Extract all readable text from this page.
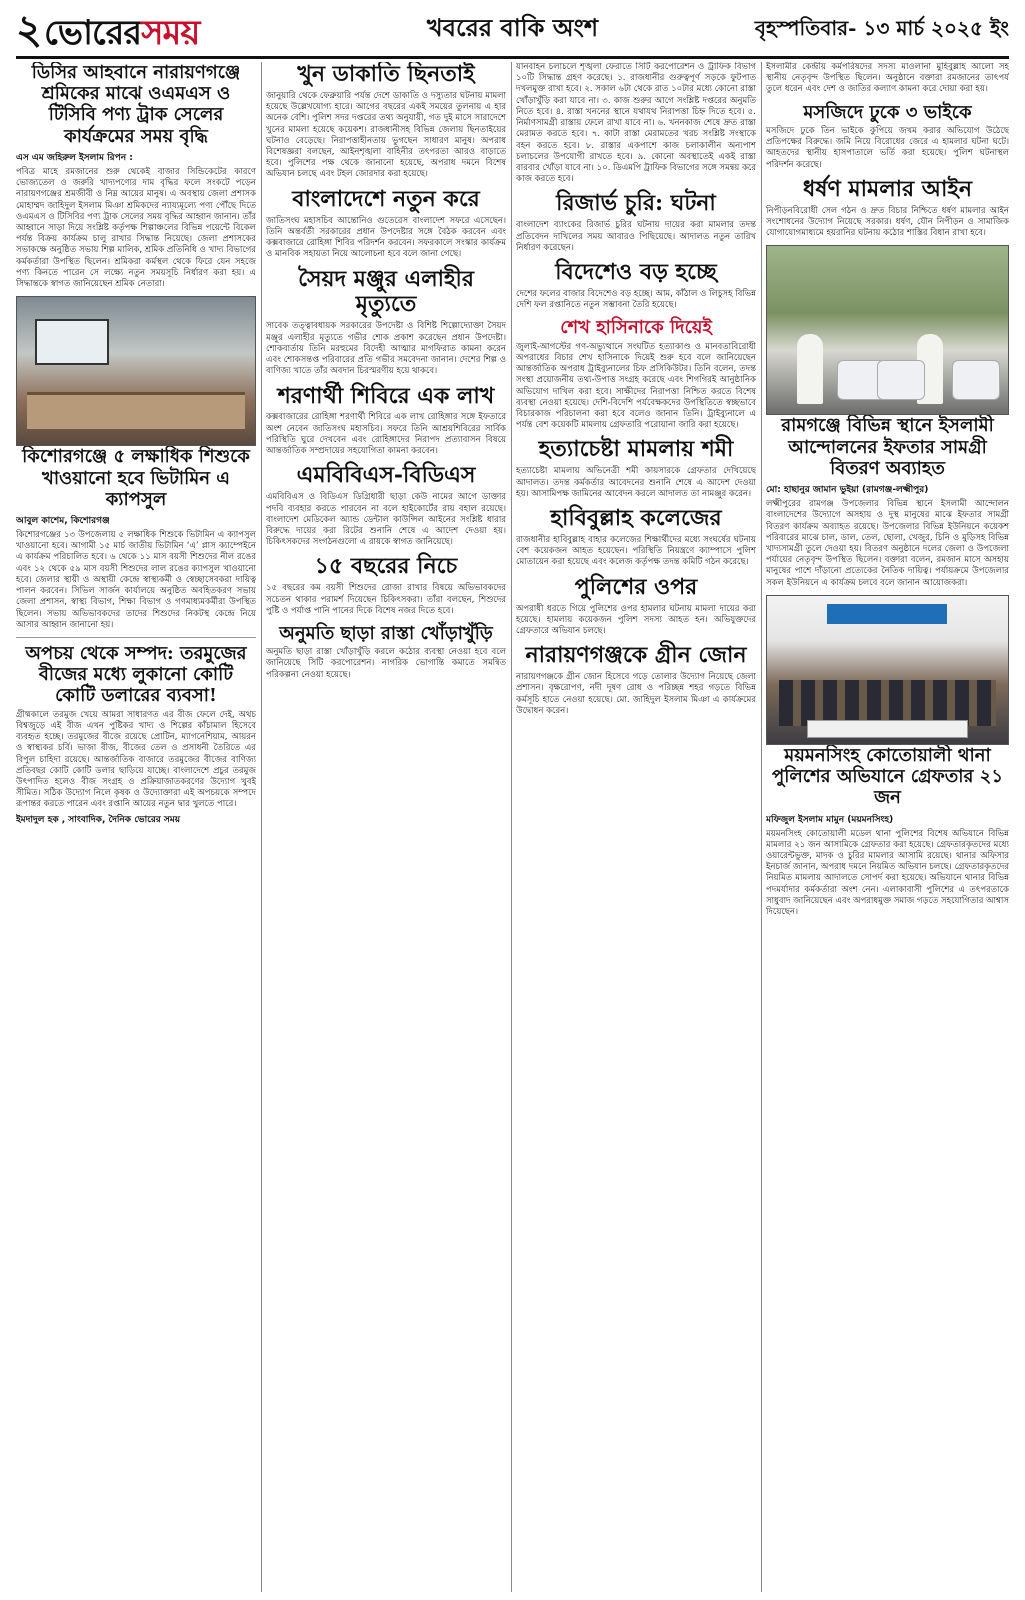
২ ভোরেরসময়	খবরের বাকি অংশ	বৃহস্পতিবার- ১৩ মার্চ ২০২৫ ইং
ডিসির আহবানে নারায়ণগঞ্জে শ্রমিকের মাঝে ওএমএস ও টিসিবি পণ্য ট্রাক সেলের কার্যক্রমের সময় বৃদ্ধি
এস এম জহিরুল ইসলাম রিপন :

পবিত্র মাহে রমজানের শুরু থেকেই বাজার সিন্ডিকেটের কারণে ভোজ্যতেল ও জরুরি খাদ্যপণ্যের দাম বৃদ্ধির ফলে সংকটে পড়েন নারায়ণগঞ্জের শ্রমজীবী ও নিম্ন আয়ের মানুষ। এ অবস্থায় জেলা প্রশাসক মোহাম্মদ জাহিদুল ইসলাম মিঞা শ্রমিকদের ন্যায্যমূল্যে পণ্য পৌঁছে দিতে ওএমএস ও টিসিবির পণ্য ট্রাক সেলের সময় বৃদ্ধির আহ্বান জানান। তাঁর আহ্বানে সাড়া দিয়ে সংশ্লিষ্ট কর্তৃপক্ষ শিল্পাঞ্চলের বিভিন্ন পয়েন্টে বিকেল পর্যন্ত বিক্রয় কার্যক্রম চালু রাখার সিদ্ধান্ত নিয়েছে। জেলা প্রশাসকের সভাকক্ষে অনুষ্ঠিত সভায় শিল্প মালিক, শ্রমিক প্রতিনিধি ও খাদ্য বিভাগের কর্মকর্তারা উপস্থিত ছিলেন। শ্রমিকরা কর্মস্থল থেকে ফিরে যেন সহজে পণ্য কিনতে পারেন সে লক্ষ্যে নতুন সময়সূচি নির্ধারণ করা হয়। এ সিদ্ধান্তকে স্বাগত জানিয়েছেন শ্রমিক নেতারা।

কিশোরগঞ্জে ৫ লক্ষাধিক শিশুকে খাওয়ানো হবে ভিটামিন এ ক্যাপসুল
আবুল কাশেম, কিশোরগঞ্জ

কিশোরগঞ্জের ১৩ উপজেলায় ৫ লক্ষাধিক শিশুকে ভিটামিন এ ক্যাপসুল খাওয়ানো হবে। আগামী ১৫ মার্চ জাতীয় ভিটামিন ‘এ’ প্লাস ক্যাম্পেইনে এ কার্যক্রম পরিচালিত হবে। ৬ থেকে ১১ মাস বয়সী শিশুদের নীল রঙের এবং ১২ থেকে ৫৯ মাস বয়সী শিশুদের লাল রঙের ক্যাপসুল খাওয়ানো হবে। জেলার স্থায়ী ও অস্থায়ী কেন্দ্রে স্বাস্থ্যকর্মী ও স্বেচ্ছাসেবকরা দায়িত্ব পালন করবেন। সিভিল সার্জন কার্যালয়ে অনুষ্ঠিত অবহিতকরণ সভায় জেলা প্রশাসন, স্বাস্থ্য বিভাগ, শিক্ষা বিভাগ ও গণমাধ্যমকর্মীরা উপস্থিত ছিলেন। সভায় অভিভাবকদের তাদের শিশুদের নিকটস্থ কেন্দ্রে নিয়ে আসার আহ্বান জানানো হয়।

অপচয় থেকে সম্পদ: তরমুজের বীজের মধ্যে লুকানো কোটি কোটি ডলারের ব্যবসা!

গ্রীষ্মকালে তরমুজ খেয়ে আমরা সাধারণত এর বীজ ফেলে দেই, অথচ বিশ্বজুড়ে এই বীজ এখন পুষ্টিকর খাদ্য ও শিল্পের কাঁচামাল হিসেবে ব্যবহৃত হচ্ছে। তরমুজের বীজে রয়েছে প্রোটিন, ম্যাগনেশিয়াম, আয়রন ও স্বাস্থ্যকর চর্বি। ভাজা বীজ, বীজের তেল ও প্রসাধনী তৈরিতে এর বিপুল চাহিদা রয়েছে। আন্তর্জাতিক বাজারে তরমুজের বীজের বাণিজ্য প্রতিবছর কোটি কোটি ডলার ছাড়িয়ে যাচ্ছে। বাংলাদেশে প্রচুর তরমুজ উৎপাদিত হলেও বীজ সংগ্রহ ও প্রক্রিয়াজাতকরণের উদ্যোগ খুবই সীমিত। সঠিক উদ্যোগ নিলে কৃষক ও উদ্যোক্তারা এই অপচয়কে সম্পদে রূপান্তর করতে পারেন এবং রপ্তানি আয়ের নতুন দ্বার খুলতে পারে।

ইমদাদুল হক , সাংবাদিক, দৈনিক ভোরের সময়
খুন ডাকাতি ছিনতাই

জানুয়ারি থেকে ফেব্রুয়ারি পর্যন্ত দেশে ডাকাতি ও দস্যুতার ঘটনায় মামলা হয়েছে উল্লেখযোগ্য হারে। আগের বছরের একই সময়ের তুলনায় এ হার অনেক বেশি। পুলিশ সদর দপ্তরের তথ্য অনুযায়ী, গত দুই মাসে সারাদেশে খুনের মামলা হয়েছে কয়েকশ। রাজধানীসহ বিভিন্ন জেলায় ছিনতাইয়ের ঘটনাও বেড়েছে। নিরাপত্তাহীনতায় ভুগছেন সাধারণ মানুষ। অপরাধ বিশেষজ্ঞরা বলছেন, আইনশৃঙ্খলা বাহিনীর তৎপরতা আরও বাড়াতে হবে। পুলিশের পক্ষ থেকে জানানো হয়েছে, অপরাধ দমনে বিশেষ অভিযান চলছে এবং টহল জোরদার করা হয়েছে।

বাংলাদেশে নতুন করে

জাতিসংঘ মহাসচিব আন্তোনিও গুতেরেস বাংলাদেশ সফরে এসেছেন। তিনি অন্তর্বর্তী সরকারের প্রধান উপদেষ্টার সঙ্গে বৈঠক করবেন এবং কক্সবাজারে রোহিঙ্গা শিবির পরিদর্শন করবেন। সফরকালে সংস্কার কার্যক্রম ও মানবিক সহায়তা নিয়ে আলোচনা হবে বলে জানা গেছে।

সৈয়দ মঞ্জুর এলাহীর মৃত্যুতে

সাবেক তত্ত্বাবধায়ক সরকারের উপদেষ্টা ও বিশিষ্ট শিল্পোদ্যোক্তা সৈয়দ মঞ্জুর এলাহীর মৃত্যুতে গভীর শোক প্রকাশ করেছেন প্রধান উপদেষ্টা। শোকবার্তায় তিনি মরহুমের বিদেহী আত্মার মাগফিরাত কামনা করেন এবং শোকসন্তপ্ত পরিবারের প্রতি গভীর সমবেদনা জানান। দেশের শিল্প ও বাণিজ্য খাতে তাঁর অবদান চিরস্মরণীয় হয়ে থাকবে।

শরণার্থী শিবিরে এক লাখ

কক্সবাজারের রোহিঙ্গা শরণার্থী শিবিরে এক লাখ রোহিঙ্গার সঙ্গে ইফতারে অংশ নেবেন জাতিসংঘ মহাসচিব। সফরে তিনি আশ্রয়শিবিরের সার্বিক পরিস্থিতি ঘুরে দেখবেন এবং রোহিঙ্গাদের নিরাপদ প্রত্যাবাসন বিষয়ে আন্তর্জাতিক সম্প্রদায়ের সহযোগিতা কামনা করবেন।

এমবিবিএস-বিডিএস

এমবিবিএস ও বিডিএস ডিগ্রিধারী ছাড়া কেউ নামের আগে ডাক্তার পদবি ব্যবহার করতে পারবেন না বলে হাইকোর্টের রায় বহাল রয়েছে। বাংলাদেশ মেডিকেল অ্যান্ড ডেন্টাল কাউন্সিল আইনের সংশ্লিষ্ট ধারার বিরুদ্ধে দায়ের করা রিটের শুনানি শেষে এ আদেশ দেওয়া হয়। চিকিৎসকদের সংগঠনগুলো এ রায়কে স্বাগত জানিয়েছে।

১৫ বছরের নিচে

১৫ বছরের কম বয়সী শিশুদের রোজা রাখার বিষয়ে অভিভাবকদের সচেতন থাকার পরামর্শ দিয়েছেন চিকিৎসকরা। তাঁরা বলছেন, শিশুদের পুষ্টি ও পর্যাপ্ত পানি পানের দিকে বিশেষ নজর দিতে হবে।

অনুমতি ছাড়া রাস্তা খোঁড়াখুঁড়ি

অনুমতি ছাড়া রাস্তা খোঁড়াখুঁড়ি করলে কঠোর ব্যবস্থা নেওয়া হবে বলে জানিয়েছে সিটি করপোরেশন। নাগরিক ভোগান্তি কমাতে সমন্বিত পরিকল্পনা নেওয়া হয়েছে।

যানবাহন চলাচলে শৃঙ্খলা ফেরাতে সিটি করপোরেশন ও ট্রাফিক বিভাগ ১০টি সিদ্ধান্ত গ্রহণ করেছে। ১. রাজধানীর গুরুত্বপূর্ণ সড়কে ফুটপাত দখলমুক্ত রাখা হবে। ২. সকাল ৬টা থেকে রাত ১০টার মধ্যে কোনো রাস্তা খোঁড়াখুঁড়ি করা যাবে না। ৩. কাজ শুরুর আগে সংশ্লিষ্ট দপ্তরের অনুমতি নিতে হবে। ৪. রাস্তা খননের স্থানে যথাযথ নিরাপত্তা চিহ্ন দিতে হবে। ৫. নির্মাণসামগ্রী রাস্তায় ফেলে রাখা যাবে না। ৬. খননকাজ শেষে দ্রুত রাস্তা মেরামত করতে হবে। ৭. কাটা রাস্তা মেরামতের খরচ সংশ্লিষ্ট সংস্থাকে বহন করতে হবে। ৮. রাস্তার একপাশে কাজ চলাকালীন অন্যপাশ চলাচলের উপযোগী রাখতে হবে। ৯. কোনো অবস্থাতেই একই রাস্তা বারবার খোঁড়া যাবে না। ১০. ডিএমপি ট্রাফিক বিভাগের সঙ্গে সমন্বয় করে কাজ করতে হবে।

রিজার্ভ চুরি: ঘটনা

বাংলাদেশ ব্যাংকের রিজার্ভ চুরির ঘটনায় দায়ের করা মামলার তদন্ত প্রতিবেদন দাখিলের সময় আবারও পিছিয়েছে। আদালত নতুন তারিখ নির্ধারণ করেছেন।

বিদেশেও বড় হচ্ছে

দেশের ফলের বাজার বিদেশেও বড় হচ্ছে। আম, কাঁঠাল ও লিচুসহ বিভিন্ন দেশি ফল রপ্তানিতে নতুন সম্ভাবনা তৈরি হয়েছে।

শেখ হাসিনাকে দিয়েই

জুলাই-আগস্টের গণ-অভ্যুত্থানে সংঘটিত হত্যাকাণ্ড ও মানবতাবিরোধী অপরাধের বিচার শেখ হাসিনাকে দিয়েই শুরু হবে বলে জানিয়েছেন আন্তর্জাতিক অপরাধ ট্রাইব্যুনালের চিফ প্রসিকিউটর। তিনি বলেন, তদন্ত সংস্থা প্রয়োজনীয় তথ্য-উপাত্ত সংগ্রহ করেছে এবং শিগগিরই আনুষ্ঠানিক অভিযোগ দাখিল করা হবে। সাক্ষীদের নিরাপত্তা নিশ্চিত করতে বিশেষ ব্যবস্থা নেওয়া হয়েছে। দেশি-বিদেশি পর্যবেক্ষকদের উপস্থিতিতে স্বচ্ছভাবে বিচারকাজ পরিচালনা করা হবে বলেও জানান তিনি। ট্রাইব্যুনালে এ পর্যন্ত বেশ কয়েকটি মামলায় গ্রেফতারি পরোয়ানা জারি করা হয়েছে।

হত্যাচেষ্টা মামলায় শমী

হত্যাচেষ্টা মামলায় অভিনেত্রী শমী কায়সারকে গ্রেফতার দেখিয়েছে আদালত। তদন্ত কর্মকর্তার আবেদনের শুনানি শেষে এ আদেশ দেওয়া হয়। আসামিপক্ষ জামিনের আবেদন করলে আদালত তা নামঞ্জুর করেন।

হাবিবুল্লাহ কলেজের

রাজধানীর হাবিবুল্লাহ বাহার কলেজের শিক্ষার্থীদের মধ্যে সংঘর্ষের ঘটনায় বেশ কয়েকজন আহত হয়েছেন। পরিস্থিতি নিয়ন্ত্রণে ক্যাম্পাসে পুলিশ মোতায়েন করা হয়েছে এবং কলেজ কর্তৃপক্ষ তদন্ত কমিটি গঠন করেছে।

পুলিশের ওপর

অপরাধী ধরতে গিয়ে পুলিশের ওপর হামলার ঘটনায় মামলা দায়ের করা হয়েছে। হামলায় কয়েকজন পুলিশ সদস্য আহত হন। অভিযুক্তদের গ্রেফতারে অভিযান চলছে।

নারায়ণগঞ্জকে গ্রীন জোন

নারায়ণগঞ্জকে গ্রীন জোন হিসেবে গড়ে তোলার উদ্যোগ নিয়েছে জেলা প্রশাসন। বৃক্ষরোপণ, নদী দূষণ রোধ ও পরিচ্ছন্ন শহর গড়তে বিভিন্ন কর্মসূচি হাতে নেওয়া হয়েছে। মো. জাহিদুল ইসলাম মিঞা এ কার্যক্রমের উদ্বোধন করেন।

ইসলামীর কেন্দ্রীয় কর্মপরিষদের সদস্য মাওলানা মুহিবুল্লাহ আলো সহ স্থানীয় নেতৃবৃন্দ উপস্থিত ছিলেন। অনুষ্ঠানে বক্তারা রমজানের তাৎপর্য তুলে ধরেন এবং দেশ ও জাতির কল্যাণ কামনা করে দোয়া করা হয়।

মসজিদে ঢুকে ৩ ভাইকে

মসজিদে ঢুকে তিন ভাইকে কুপিয়ে জখম করার অভিযোগ উঠেছে প্রতিপক্ষের বিরুদ্ধে। জমি নিয়ে বিরোধের জেরে এ হামলার ঘটনা ঘটে। আহতদের স্থানীয় হাসপাতালে ভর্তি করা হয়েছে। পুলিশ ঘটনাস্থল পরিদর্শন করেছে।

ধর্ষণ মামলার আইন

নিপীড়নবিরোধী সেল গঠন ও দ্রুত বিচার নিশ্চিতে ধর্ষণ মামলার আইন সংশোধনের উদ্যোগ নিয়েছে সরকার। ধর্ষণ, যৌন নিপীড়ন ও সামাজিক যোগাযোগমাধ্যমে হয়রানির ঘটনায় কঠোর শাস্তির বিধান রাখা হবে।

রামগঞ্জে বিভিন্ন স্থানে ইসলামী আন্দোলনের ইফতার সামগ্রী বিতরণ অব্যাহত
মো: হাছানুর জামান ভুইয়া (রামগঞ্জ-লক্ষ্মীপুর)

লক্ষ্মীপুরের রামগঞ্জ উপজেলার বিভিন্ন স্থানে ইসলামী আন্দোলন বাংলাদেশের উদ্যোগে অসহায় ও দুস্থ মানুষের মাঝে ইফতার সামগ্রী বিতরণ কার্যক্রম অব্যাহত রয়েছে। উপজেলার বিভিন্ন ইউনিয়নে কয়েকশ পরিবারের মাঝে চাল, ডাল, তেল, ছোলা, খেজুর, চিনি ও মুড়িসহ বিভিন্ন খাদ্যসামগ্রী তুলে দেওয়া হয়। বিতরণ অনুষ্ঠানে দলের জেলা ও উপজেলা পর্যায়ের নেতৃবৃন্দ উপস্থিত ছিলেন। বক্তারা বলেন, রমজান মাসে অসহায় মানুষের পাশে দাঁড়ানো প্রত্যেকের নৈতিক দায়িত্ব। পর্যায়ক্রমে উপজেলার সকল ইউনিয়নে এ কার্যক্রম চলবে বলে জানান আয়োজকরা।

ময়মনসিংহ কোতোয়ালী থানা পুলিশের অভিযানে গ্রেফতার ২১ জন
মফিজুল ইসলাম মামুন (ময়মনসিংহ)

ময়মনসিংহ কোতোয়ালী মডেল থানা পুলিশের বিশেষ অভিযানে বিভিন্ন মামলার ২১ জন আসামিকে গ্রেফতার করা হয়েছে। গ্রেফতারকৃতদের মধ্যে ওয়ারেন্টভুক্ত, মাদক ও চুরির মামলার আসামি রয়েছে। থানার অফিসার ইনচার্জ জানান, অপরাধ দমনে নিয়মিত অভিযান চলছে। গ্রেফতারকৃতদের নিয়মিত মামলায় আদালতে সোপর্দ করা হয়েছে। অভিযানে থানার বিভিন্ন পদমর্যাদার কর্মকর্তারা অংশ নেন। এলাকাবাসী পুলিশের এ তৎপরতাকে সাধুবাদ জানিয়েছেন এবং অপরাধমুক্ত সমাজ গড়তে সহযোগিতার আশ্বাস দিয়েছেন।
